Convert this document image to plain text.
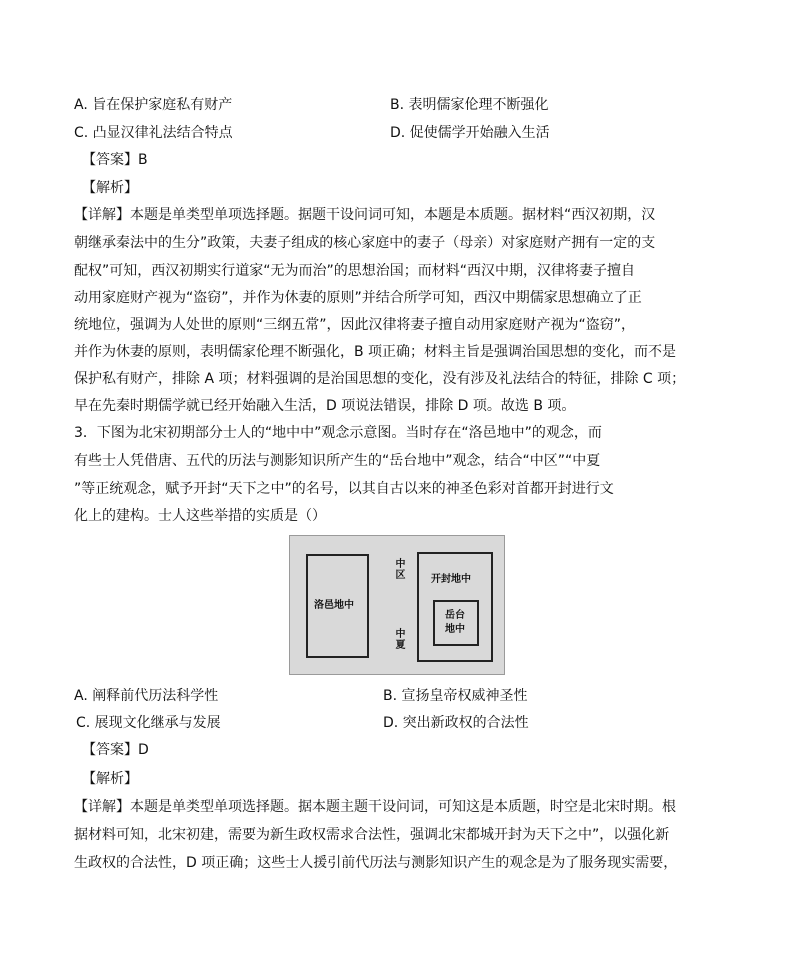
A. 旨在保护家庭私有财产	B. 表明儒家伦理不断强化
C. 凸显汉律礼法结合特点	D. 促使儒学开始融入生活
【答案】B
【解析】
【详解】本题是单类型单项选择题。据题干设问词可知，本题是本质题。据材料“西汉初期，汉
朝继承秦法中的生分”政策，夫妻子组成的核心家庭中的妻子（母亲）对家庭财产拥有一定的支
配权”可知，西汉初期实行道家“无为而治”的思想治国；而材料“西汉中期，汉律将妻子擅自
动用家庭财产视为“盗窃”，并作为休妻的原则”并结合所学可知，西汉中期儒家思想确立了正
统地位，强调为人处世的原则“三纲五常”，因此汉律将妻子擅自动用家庭财产视为“盗窃”，
并作为休妻的原则，表明儒家伦理不断强化，B 项正确；材料主旨是强调治国思想的变化，而不是
保护私有财产，排除 A 项；材料强调的是治国思想的变化，没有涉及礼法结合的特征，排除 C 项；
早在先秦时期儒学就已经开始融入生活，D 项说法错误，排除 D 项。故选 B 项。
3．下图为北宋初期部分士人的“地中中”观念示意图。当时存在“洛邑地中”的观念，而
有些士人凭借唐、五代的历法与测影知识所产生的“岳台地中”观念，结合“中区”“中夏
”等正统观念，赋予开封“天下之中”的名号，以其自古以来的神圣色彩对首都开封进行文
化上的建构。士人这些举措的实质是（）
洛邑地中
中区
中夏
开封地中
岳台
地中
A. 阐释前代历法科学性	B. 宣扬皇帝权威神圣性
C. 展现文化继承与发展	D. 突出新政权的合法性
【答案】D
【解析】
【详解】本题是单类型单项选择题。据本题主题干设问词，可知这是本质题，时空是北宋时期。根
据材料可知，北宋初建，需要为新生政权需求合法性，强调北宋都城开封为天下之中”，以强化新
生政权的合法性，D 项正确；这些士人援引前代历法与测影知识产生的观念是为了服务现实需要，
